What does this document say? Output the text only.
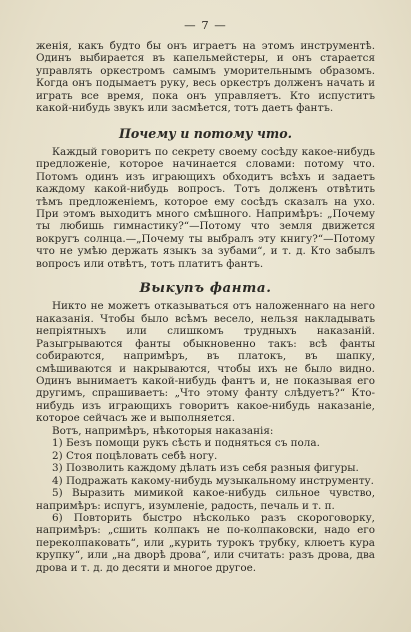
— 7 —

женія, какъ будто бы онъ играетъ на этомъ инструментѣ. Одинъ выбирается въ капельмейстеры, и онъ старается управлять оркестромъ самымъ уморительнымъ образомъ. Когда онъ подымаетъ руку, весь оркестръ долженъ начать и играть все время, пока онъ управляетъ. Кто испуститъ какой-нибудь звукъ или засмѣется, тотъ даетъ фантъ.

Почему и потому что.

Каждый говоритъ по секрету своему сосѣду какое-нибудь предложеніе, которое начинается словами: потому что. Потомъ одинъ изъ играющихъ обходитъ всѣхъ и задаетъ каждому какой-нибудь вопросъ. Тотъ долженъ отвѣтить тѣмъ предложеніемъ, которое ему сосѣдъ сказалъ на ухо. При этомъ выходитъ много смѣшного. Напримѣръ: „Почему ты любишь гимнастику?“—Потому что земля движется вокругъ солнца.—„Почему ты выбралъ эту книгу?“—Потому что не умѣю держать языкъ за зубами“, и т. д. Кто забылъ вопросъ или отвѣтъ, тотъ платитъ фантъ.

Выкупъ фанта.

Никто не можетъ отказываться отъ наложеннаго на него наказанія. Чтобы было всѣмъ весело, нельзя накладывать непріятныхъ или слишкомъ трудныхъ наказаній. Разыгрываются фанты обыкновенно такъ: всѣ фанты собираются, напримѣръ, въ платокъ, въ шапку, смѣшиваются и накрываются, чтобы ихъ не было видно. Одинъ вынимаетъ какой-нибудь фантъ и, не показывая его другимъ, спрашиваетъ: „Что этому фанту слѣдуетъ?“ Кто-нибудь изъ играющихъ говоритъ какое-нибудь наказаніе, которое сейчасъ же и выполняется.

Вотъ, напримѣръ, нѣкоторыя наказанія:

1) Безъ помощи рукъ сѣсть и подняться съ пола.

2) Стоя поцѣловать себѣ ногу.

3) Позволить каждому дѣлать изъ себя разныя фигуры.

4) Подражать какому-нибудь музыкальному инструменту.

5) Выразить мимикой какое-нибудь сильное чувство, напримѣръ: испугъ, изумленіе, радость, печаль и т. п.

6) Повторить быстро нѣсколько разъ скороговорку, напримѣръ: „сшить колпакъ не по-колпаковски, надо его переколпаковать“, или „курить турокъ трубку, клюетъ кура крупку“, или „на дворѣ дрова“, или считать: разъ дрова, два дрова и т. д. до десяти и многое другое.
